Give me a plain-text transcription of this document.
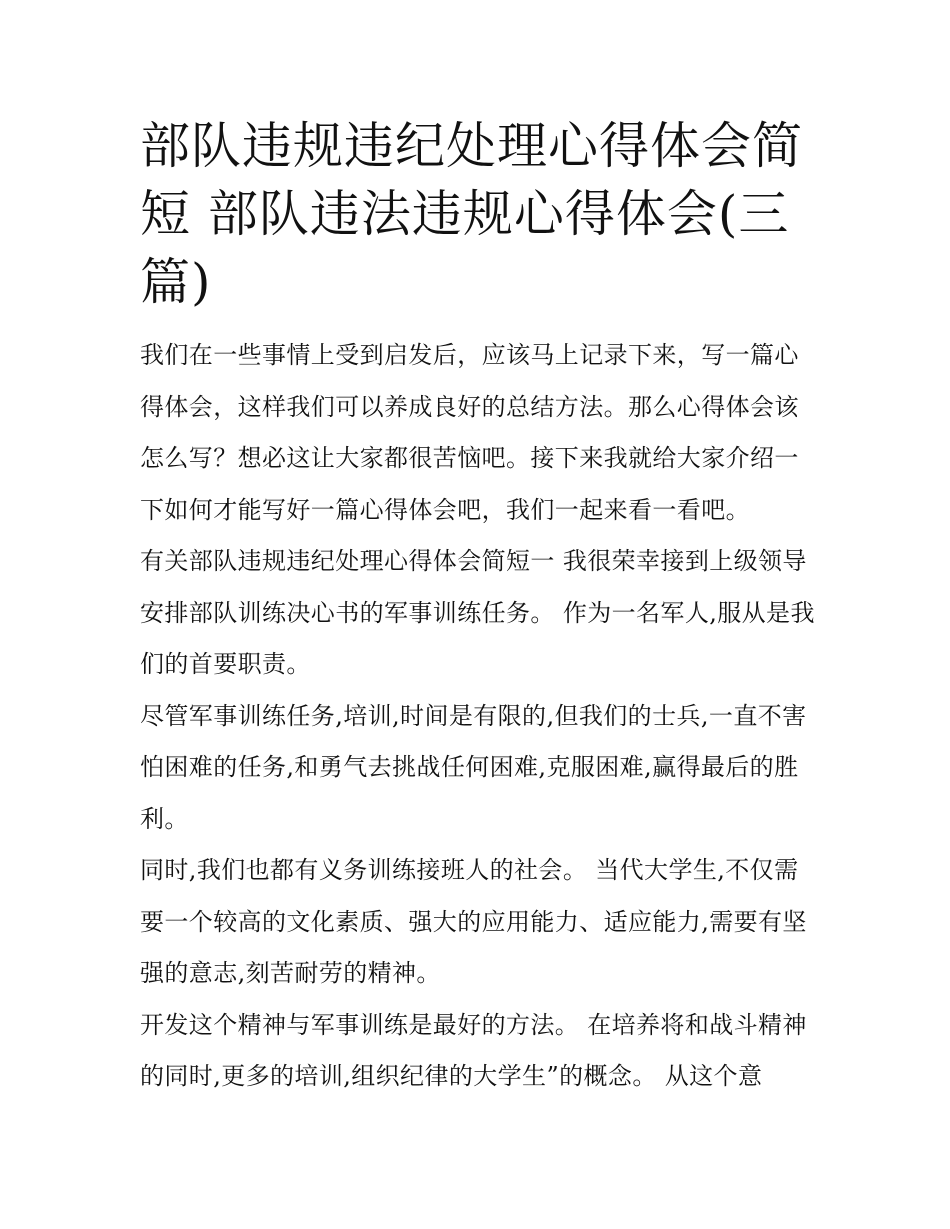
部队违规违纪处理心得体会简短 部队违法违规心得体会(三篇)

我们在一些事情上受到启发后，应该马上记录下来，写一篇心得体会，这样我们可以养成良好的总结方法。那么心得体会该怎么写？想必这让大家都很苦恼吧。接下来我就给大家介绍一下如何才能写好一篇心得体会吧，我们一起来看一看吧。

有关部队违规违纪处理心得体会简短一 我很荣幸接到上级领导安排部队训练决心书的军事训练任务。 作为一名军人,服从是我们的首要职责。

尽管军事训练任务,培训,时间是有限的,但我们的士兵,一直不害怕困难的任务,和勇气去挑战任何困难,克服困难,赢得最后的胜利。

同时,我们也都有义务训练接班人的社会。 当代大学生,不仅需要一个较高的文化素质、强大的应用能力、适应能力,需要有坚强的意志,刻苦耐劳的精神。

开发这个精神与军事训练是最好的方法。 在培养将和战斗精神的同时,更多的培训,组织纪律的大学生”的概念。 从这个意
